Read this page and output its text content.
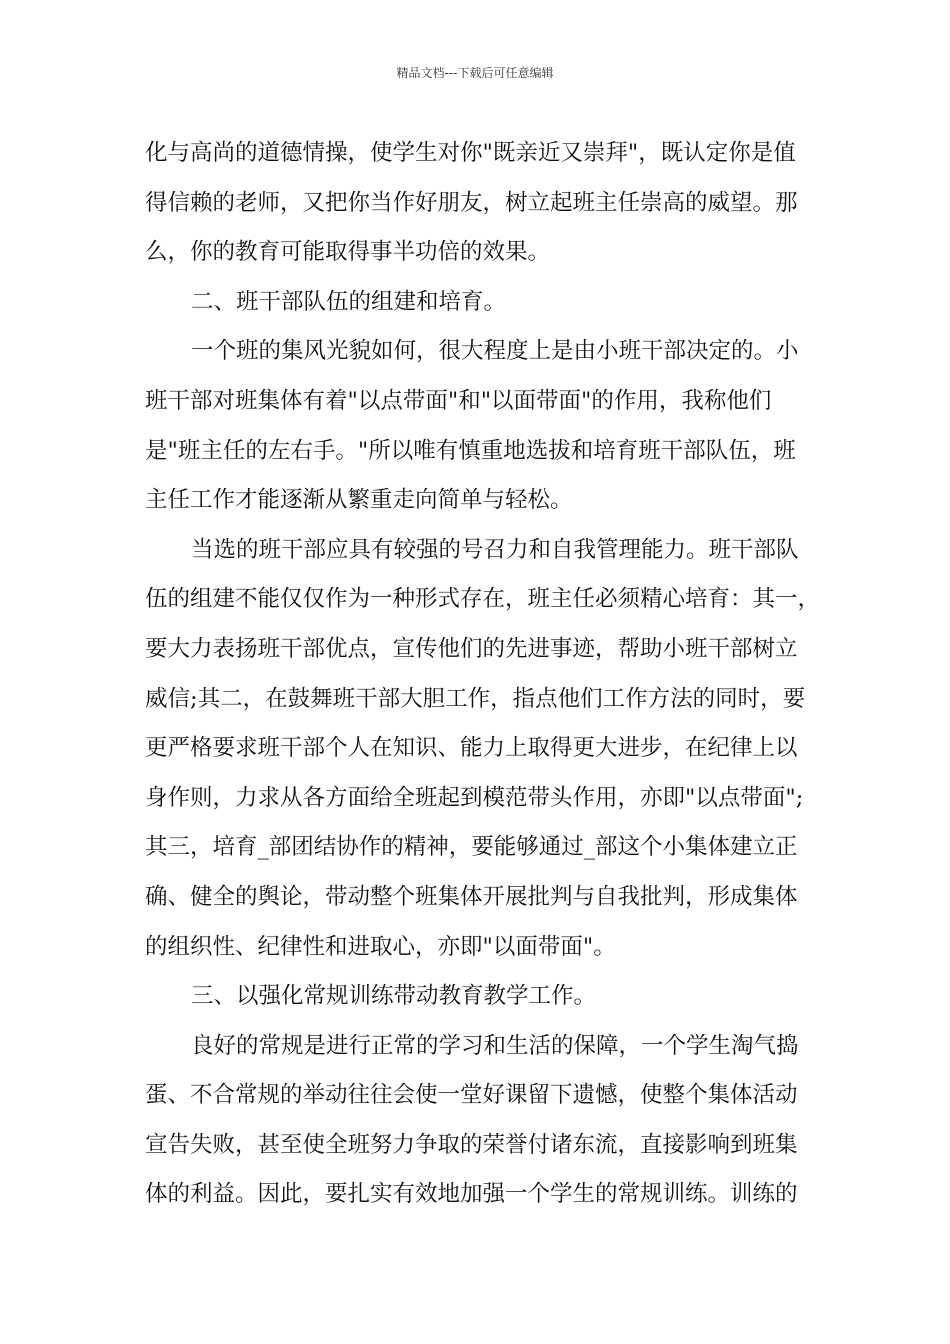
精品文档---下载后可任意编辑

化与高尚的道德情操，使学生对你"既亲近又崇拜"，既认定你是值
得信赖的老师，又把你当作好朋友，树立起班主任崇高的威望。那
么，你的教育可能取得事半功倍的效果。

二、班干部队伍的组建和培育。

一个班的集风光貌如何，很大程度上是由小班干部决定的。小
班干部对班集体有着"以点带面"和"以面带面"的作用，我称他们
是"班主任的左右手。"所以唯有慎重地选拔和培育班干部队伍，班
主任工作才能逐渐从繁重走向简单与轻松。

当选的班干部应具有较强的号召力和自我管理能力。班干部队
伍的组建不能仅仅作为一种形式存在，班主任必须精心培育：其一，
要大力表扬班干部优点，宣传他们的先进事迹，帮助小班干部树立
威信;其二，在鼓舞班干部大胆工作，指点他们工作方法的同时，要
更严格要求班干部个人在知识、能力上取得更大进步，在纪律上以
身作则，力求从各方面给全班起到模范带头作用，亦即"以点带面";
其三，培育_部团结协作的精神，要能够通过_部这个小集体建立正
确、健全的舆论，带动整个班集体开展批判与自我批判，形成集体
的组织性、纪律性和进取心，亦即"以面带面"。

三、以强化常规训练带动教育教学工作。

良好的常规是进行正常的学习和生活的保障，一个学生淘气捣
蛋、不合常规的举动往往会使一堂好课留下遗憾，使整个集体活动
宣告失败，甚至使全班努力争取的荣誉付诸东流，直接影响到班集
体的利益。因此，要扎实有效地加强一个学生的常规训练。训练的
